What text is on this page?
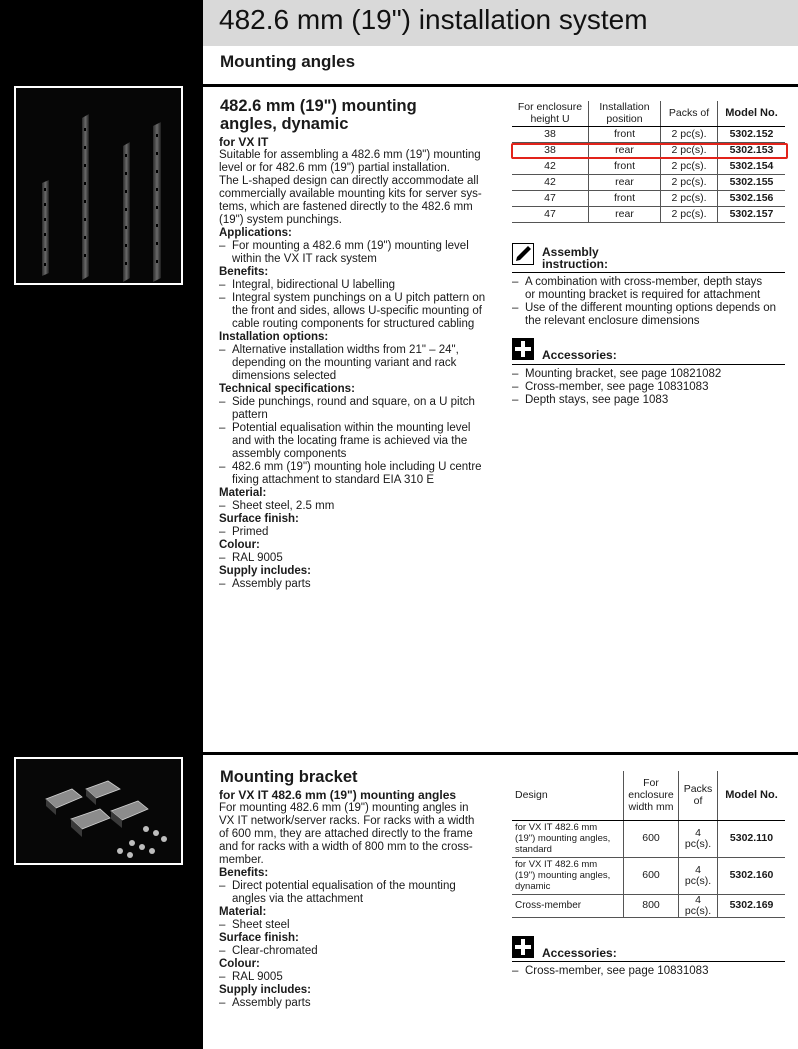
482.6 mm (19") installation system
Mounting angles
482.6 mm (19") mounting
angles, dynamic
for VX IT

Suitable for assembling a 482.6 mm (19") mounting

level or for 482.6 mm (19") partial installation.

The L-shaped design can directly accommodate all

commercially available mounting kits for server sys-

tems, which are fastened directly to the 482.6 mm

(19") system punchings.

Applications:

– For mounting a 482.6 mm (19") mounting level

within the VX IT rack system

Benefits:

– Integral, bidirectional U labelling

– Integral system punchings on a U pitch pattern on

the front and sides, allows U-specific mounting of

cable routing components for structured cabling

Installation options:

– Alternative installation widths from 21" – 24",

depending on the mounting variant and rack

dimensions selected

Technical specifications:

– Side punchings, round and square, on a U pitch

pattern

– Potential equalisation within the mounting level

and with the locating frame is achieved via the

assembly components

– 482.6 mm (19") mounting hole including U centre

fixing attachment to standard EIA 310 E

Material:

– Sheet steel, 2.5 mm

Surface finish:

– Primed

Colour:

– RAL 9005

Supply includes:

– Assembly parts

For enclosure height U	Installation position	Packs of	Model No.
38	front	2 pc(s).	5302.152
38	rear	2 pc(s).	5302.153
42	front	2 pc(s).	5302.154
42	rear	2 pc(s).	5302.155
47	front	2 pc(s).	5302.156
47	rear	2 pc(s).	5302.157
Assembly
instruction:

– A combination with cross-member, depth stays

or mounting bracket is required for attachment

– Use of the different mounting options depends on

the relevant enclosure dimensions

Accessories:

– Mounting bracket, see page 10821082

– Cross-member, see page 10831083

– Depth stays, see page 1083

Mounting bracket
for VX IT 482.6 mm (19") mounting angles

For mounting 482.6 mm (19") mounting angles in

VX IT network/server racks. For racks with a width

of 600 mm, they are attached directly to the frame

and for racks with a width of 800 mm to the cross-

member.

Benefits:

– Direct potential equalisation of the mounting

angles via the attachment

Material:

– Sheet steel

Surface finish:

– Clear-chromated

Colour:

– RAL 9005

Supply includes:

– Assembly parts

Design	For enclosure width mm	Packs of	Model No.
for VX IT 482.6 mm (19") mounting angles, standard	600	4 pc(s).	5302.110
for VX IT 482.6 mm (19") mounting angles, dynamic	600	4 pc(s).	5302.160
Cross-member	800	4 pc(s).	5302.169
Accessories:

– Cross-member, see page 10831083
